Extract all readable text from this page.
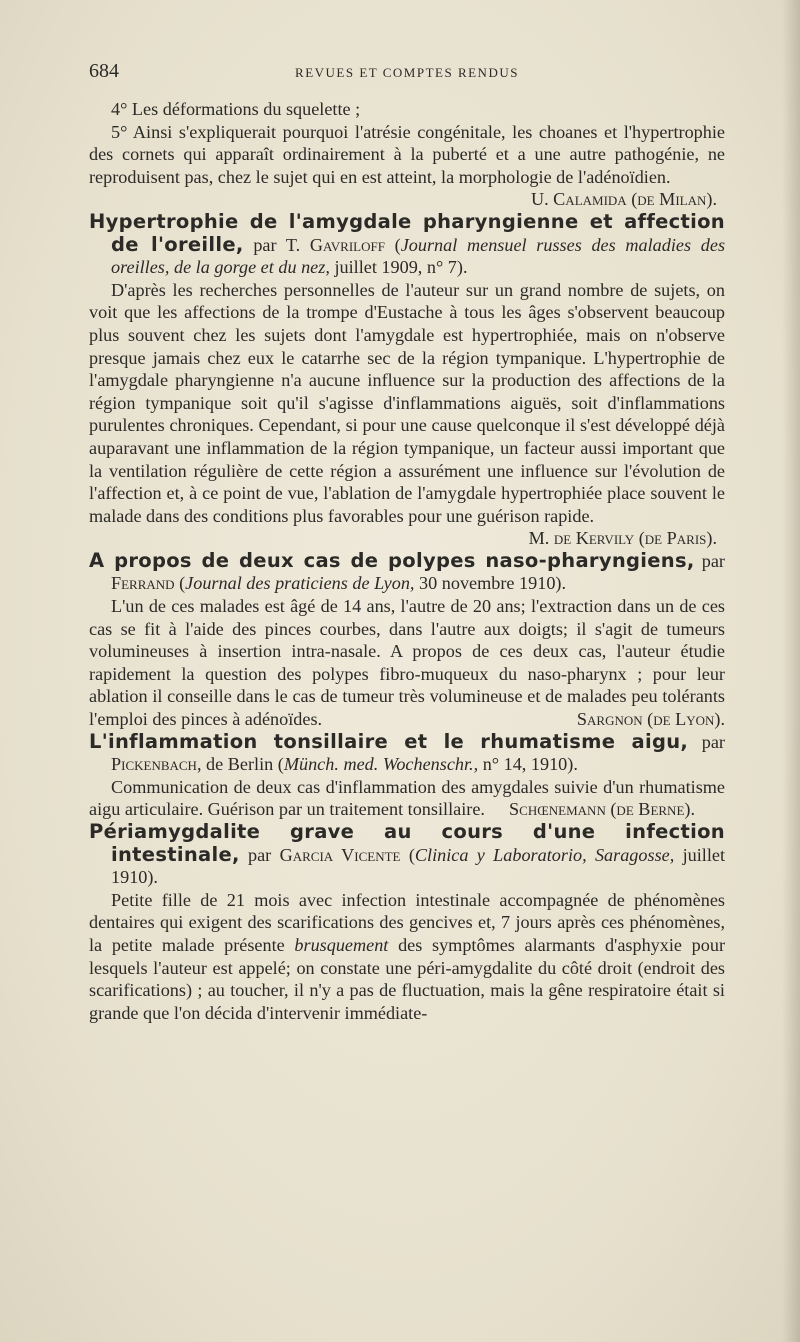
684	REVUES ET COMPTES RENDUS

4° Les déformations du squelette ;

5° Ainsi s'expliquerait pourquoi l'atrésie congénitale, les choanes et l'hypertrophie des cornets qui apparaît ordinairement à la puberté et a une autre pathogénie, ne reproduisent pas, chez le sujet qui en est atteint, la morphologie de l'adénoïdien.

U. Calamida (de Milan).

Hypertrophie de l'amygdale pharyngienne et affection de l'oreille, par T. Gavriloff (Journal mensuel russes des maladies des oreilles, de la gorge et du nez, juillet 1909, n° 7).

D'après les recherches personnelles de l'auteur sur un grand nombre de sujets, on voit que les affections de la trompe d'Eustache à tous les âges s'observent beaucoup plus souvent chez les sujets dont l'amygdale est hypertrophiée, mais on n'observe presque jamais chez eux le catarrhe sec de la région tympanique. L'hypertrophie de l'amygdale pharyngienne n'a aucune influence sur la production des affections de la région tympanique soit qu'il s'agisse d'inflammations aiguës, soit d'inflammations purulentes chroniques. Cependant, si pour une cause quelconque il s'est développé déjà auparavant une inflammation de la région tympanique, un facteur aussi important que la ventilation régulière de cette région a assurément une influence sur l'évolution de l'affection et, à ce point de vue, l'ablation de l'amygdale hypertrophiée place souvent le malade dans des conditions plus favorables pour une guérison rapide.

M. de Kervily (de Paris).

A propos de deux cas de polypes naso-pharyngiens, par Ferrand (Journal des praticiens de Lyon, 30 novembre 1910).

L'un de ces malades est âgé de 14 ans, l'autre de 20 ans; l'extraction dans un de ces cas se fit à l'aide des pinces courbes, dans l'autre aux doigts; il s'agit de tumeurs volumineuses à insertion intra-nasale. A propos de ces deux cas, l'auteur étudie rapidement la question des polypes fibro-muqueux du naso-pharynx ; pour leur ablation il conseille dans le cas de tumeur très volumineuse et de malades peu tolérants l'emploi des pinces à adénoïdes.	Sargnon (de Lyon).

L'inflammation tonsillaire et le rhumatisme aigu, par Pickenbach, de Berlin (Münch. med. Wochenschr., n° 14, 1910).

Communication de deux cas d'inflammation des amygdales suivie d'un rhumatisme aigu articulaire. Guérison par un traitement tonsillaire.	Schœnemann (de Berne).

Périamygdalite grave au cours d'une infection intestinale, par Garcia Vicente (Clinica y Laboratorio, Saragosse, juillet 1910).

Petite fille de 21 mois avec infection intestinale accompagnée de phénomènes dentaires qui exigent des scarifications des gencives et, 7 jours après ces phénomènes, la petite malade présente brusquement des symptômes alarmants d'asphyxie pour lesquels l'auteur est appelé; on constate une péri-amygdalite du côté droit (endroit des scarifications) ; au toucher, il n'y a pas de fluctuation, mais la gêne respiratoire était si grande que l'on décida d'intervenir immédiate-
